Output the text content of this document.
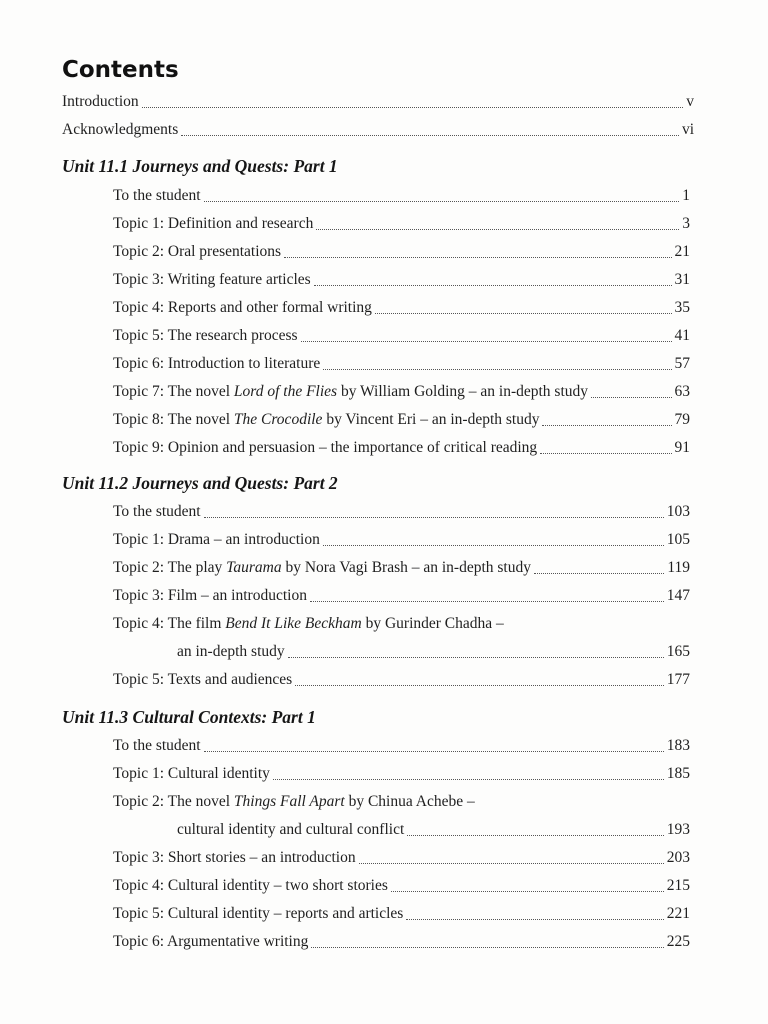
Contents
Introduction	v
Acknowledgments	vi
Unit 11.1 Journeys and Quests: Part 1
To the student	1
Topic 1: Definition and research	3
Topic 2: Oral presentations	21
Topic 3: Writing feature articles	31
Topic 4: Reports and other formal writing	35
Topic 5: The research process	41
Topic 6: Introduction to literature	57
Topic 7: The novel Lord of the Flies by William Golding – an in-depth study	63
Topic 8: The novel The Crocodile by Vincent Eri – an in-depth study	79
Topic 9: Opinion and persuasion – the importance of critical reading	91
Unit 11.2 Journeys and Quests: Part 2
To the student	103
Topic 1: Drama – an introduction	105
Topic 2: The play Taurama by Nora Vagi Brash – an in-depth study	119
Topic 3: Film – an introduction	147
Topic 4: The film Bend It Like Beckham by Gurinder Chadha –
an in-depth study	165
Topic 5: Texts and audiences	177
Unit 11.3 Cultural Contexts: Part 1
To the student	183
Topic 1: Cultural identity	185
Topic 2: The novel Things Fall Apart by Chinua Achebe –
cultural identity and cultural conflict	193
Topic 3: Short stories – an introduction	203
Topic 4: Cultural identity – two short stories	215
Topic 5: Cultural identity – reports and articles	221
Topic 6: Argumentative writing	225
